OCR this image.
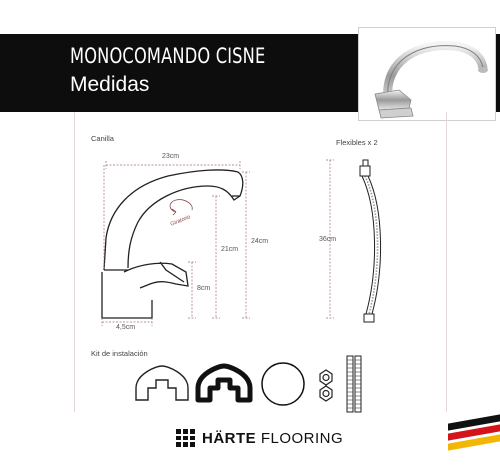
MONOCOMANDO CISNE
Medidas
Canilla	Flexibles x 2
Kit de instalación
23cm
24cm
21cm
8cm
4,5cm
36cm
Giratorio
HÄRTE FLOORING
